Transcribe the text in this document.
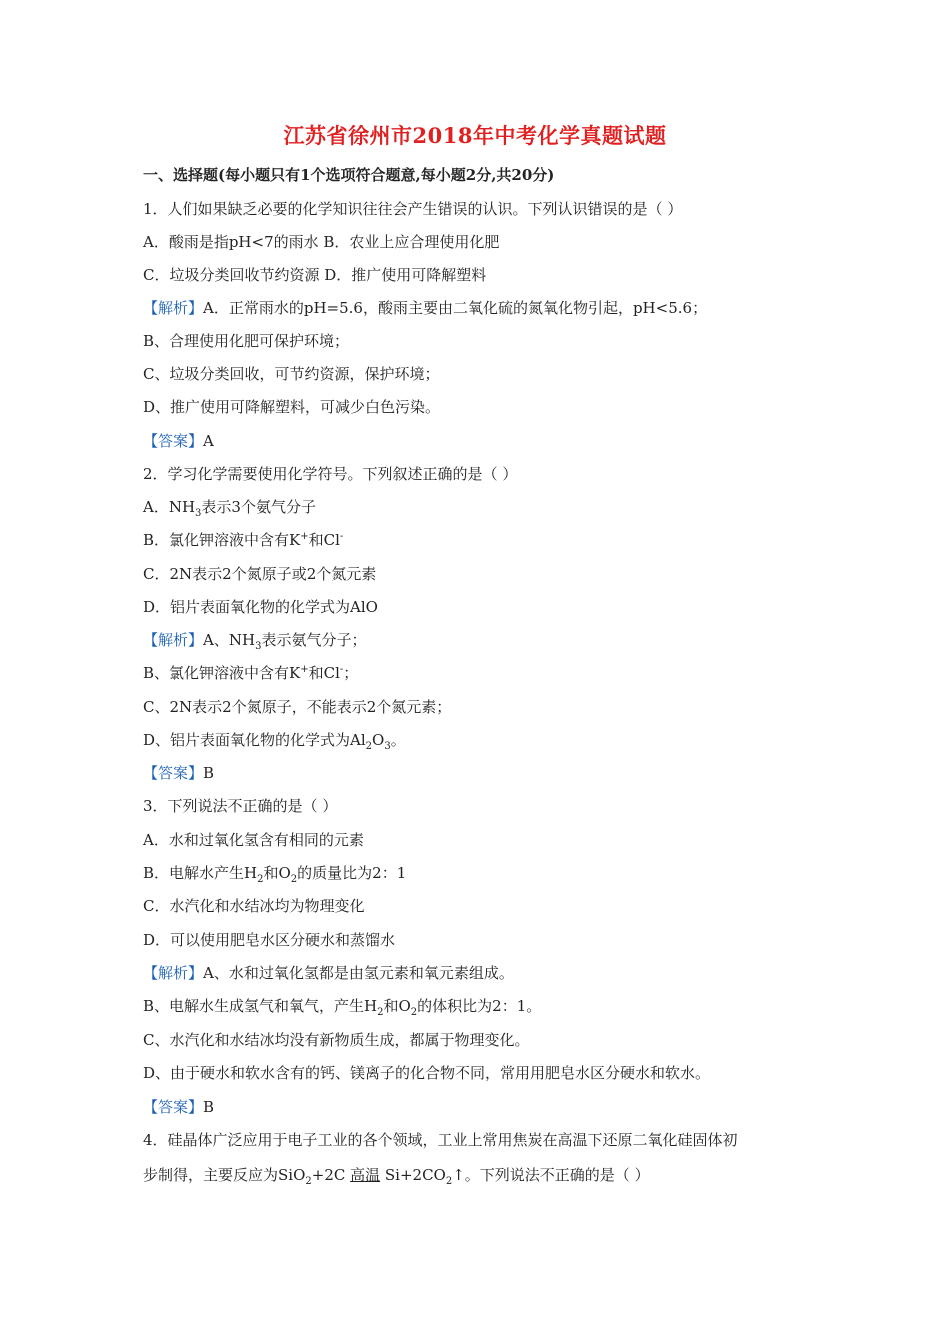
江苏省徐州市2018年中考化学真题试题
一、选择题(每小题只有1个选项符合题意,每小题2分,共20分)
1．人们如果缺乏必要的化学知识往往会产生错误的认识。下列认识错误的是（ ）
A．酸雨是指pH<7的雨水 B．农业上应合理使用化肥
C．垃圾分类回收节约资源 D．推广使用可降解塑料
【解析】A．正常雨水的pH=5.6，酸雨主要由二氧化硫的氮氧化物引起，pH<5.6；
B、合理使用化肥可保护环境；
C、垃圾分类回收，可节约资源，保护环境；
D、推广使用可降解塑料，可减少白色污染。
【答案】A
2．学习化学需要使用化学符号。下列叙述正确的是（ ）
A．$NH_3$表示3个氨气分子
B．氯化钾溶液中含有K+和Cl-
C．2N表示2个氮原子或2个氮元素
D．铝片表面氧化物的化学式为AlO
【解析】A、$NH_3$表示氨气分子；
B、氯化钾溶液中含有K+和Cl-；
C、2N表示2个氮原子，不能表示2个氮元素；
D、铝片表面氧化物的化学式为$Al_2O_3$。
【答案】B
3．下列说法不正确的是（ ）
A．水和过氧化氢含有相同的元素
B．电解水产生$H_2$和$O_2$的质量比为2：1
C．水汽化和水结冰均为物理变化
D．可以使用肥皂水区分硬水和蒸馏水
【解析】A、水和过氧化氢都是由氢元素和氧元素组成。
B、电解水生成氢气和氧气，产生$H_2$和$O_2$的体积比为2：1。
C、水汽化和水结冰均没有新物质生成，都属于物理变化。
D、由于硬水和软水含有的钙、镁离子的化合物不同，常用用肥皂水区分硬水和软水。
【答案】B
4．硅晶体广泛应用于电子工业的各个领域，工业上常用焦炭在高温下还原二氧化硅固体初
步制得，主要反应为SiO$_2$+2C 高温 $Si+2CO_2↑$。下列说法不正确的是（ ）
